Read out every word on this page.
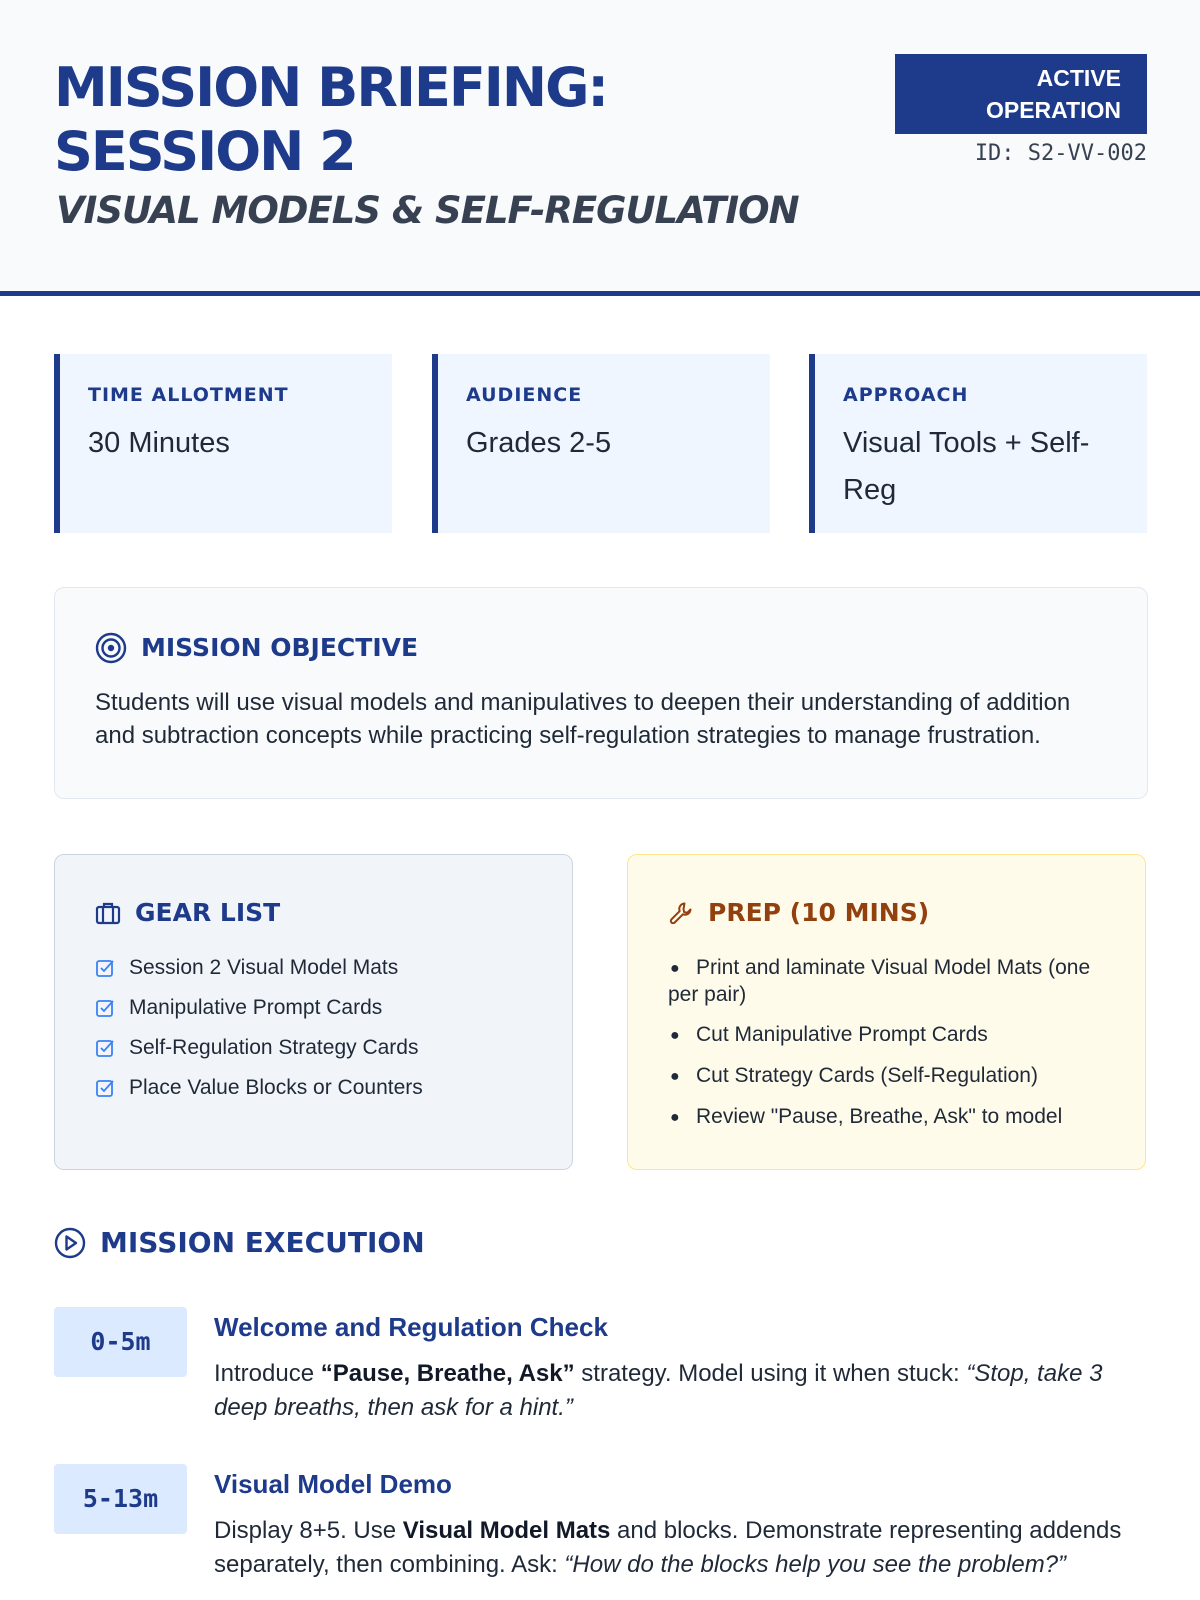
MISSION BRIEFING:
SESSION 2
VISUAL MODELS & SELF-REGULATION
ACTIVE
OPERATION
ID: S2-VV-002
TIME ALLOTMENT
30 Minutes
AUDIENCE
Grades 2-5
APPROACH
Visual Tools + Self-Reg
MISSION OBJECTIVE
Students will use visual models and manipulatives to deepen their understanding of addition and subtraction concepts while practicing self-regulation strategies to manage frustration.
GEAR LIST
Session 2 Visual Model Mats
Manipulative Prompt Cards
Self-Regulation Strategy Cards
Place Value Blocks or Counters
PREP (10 MINS)
● Print and laminate Visual Model Mats (one per pair)
● Cut Manipulative Prompt Cards
● Cut Strategy Cards (Self-Regulation)
● Review "Pause, Breathe, Ask" to model
MISSION EXECUTION
0-5m	Welcome and Regulation Check
Introduce “Pause, Breathe, Ask” strategy. Model using it when stuck: “Stop, take 3 deep breaths, then ask for a hint.”
5-13m	Visual Model Demo
Display 8+5. Use Visual Model Mats and blocks. Demonstrate representing addends separately, then combining. Ask: “How do the blocks help you see the problem?”
